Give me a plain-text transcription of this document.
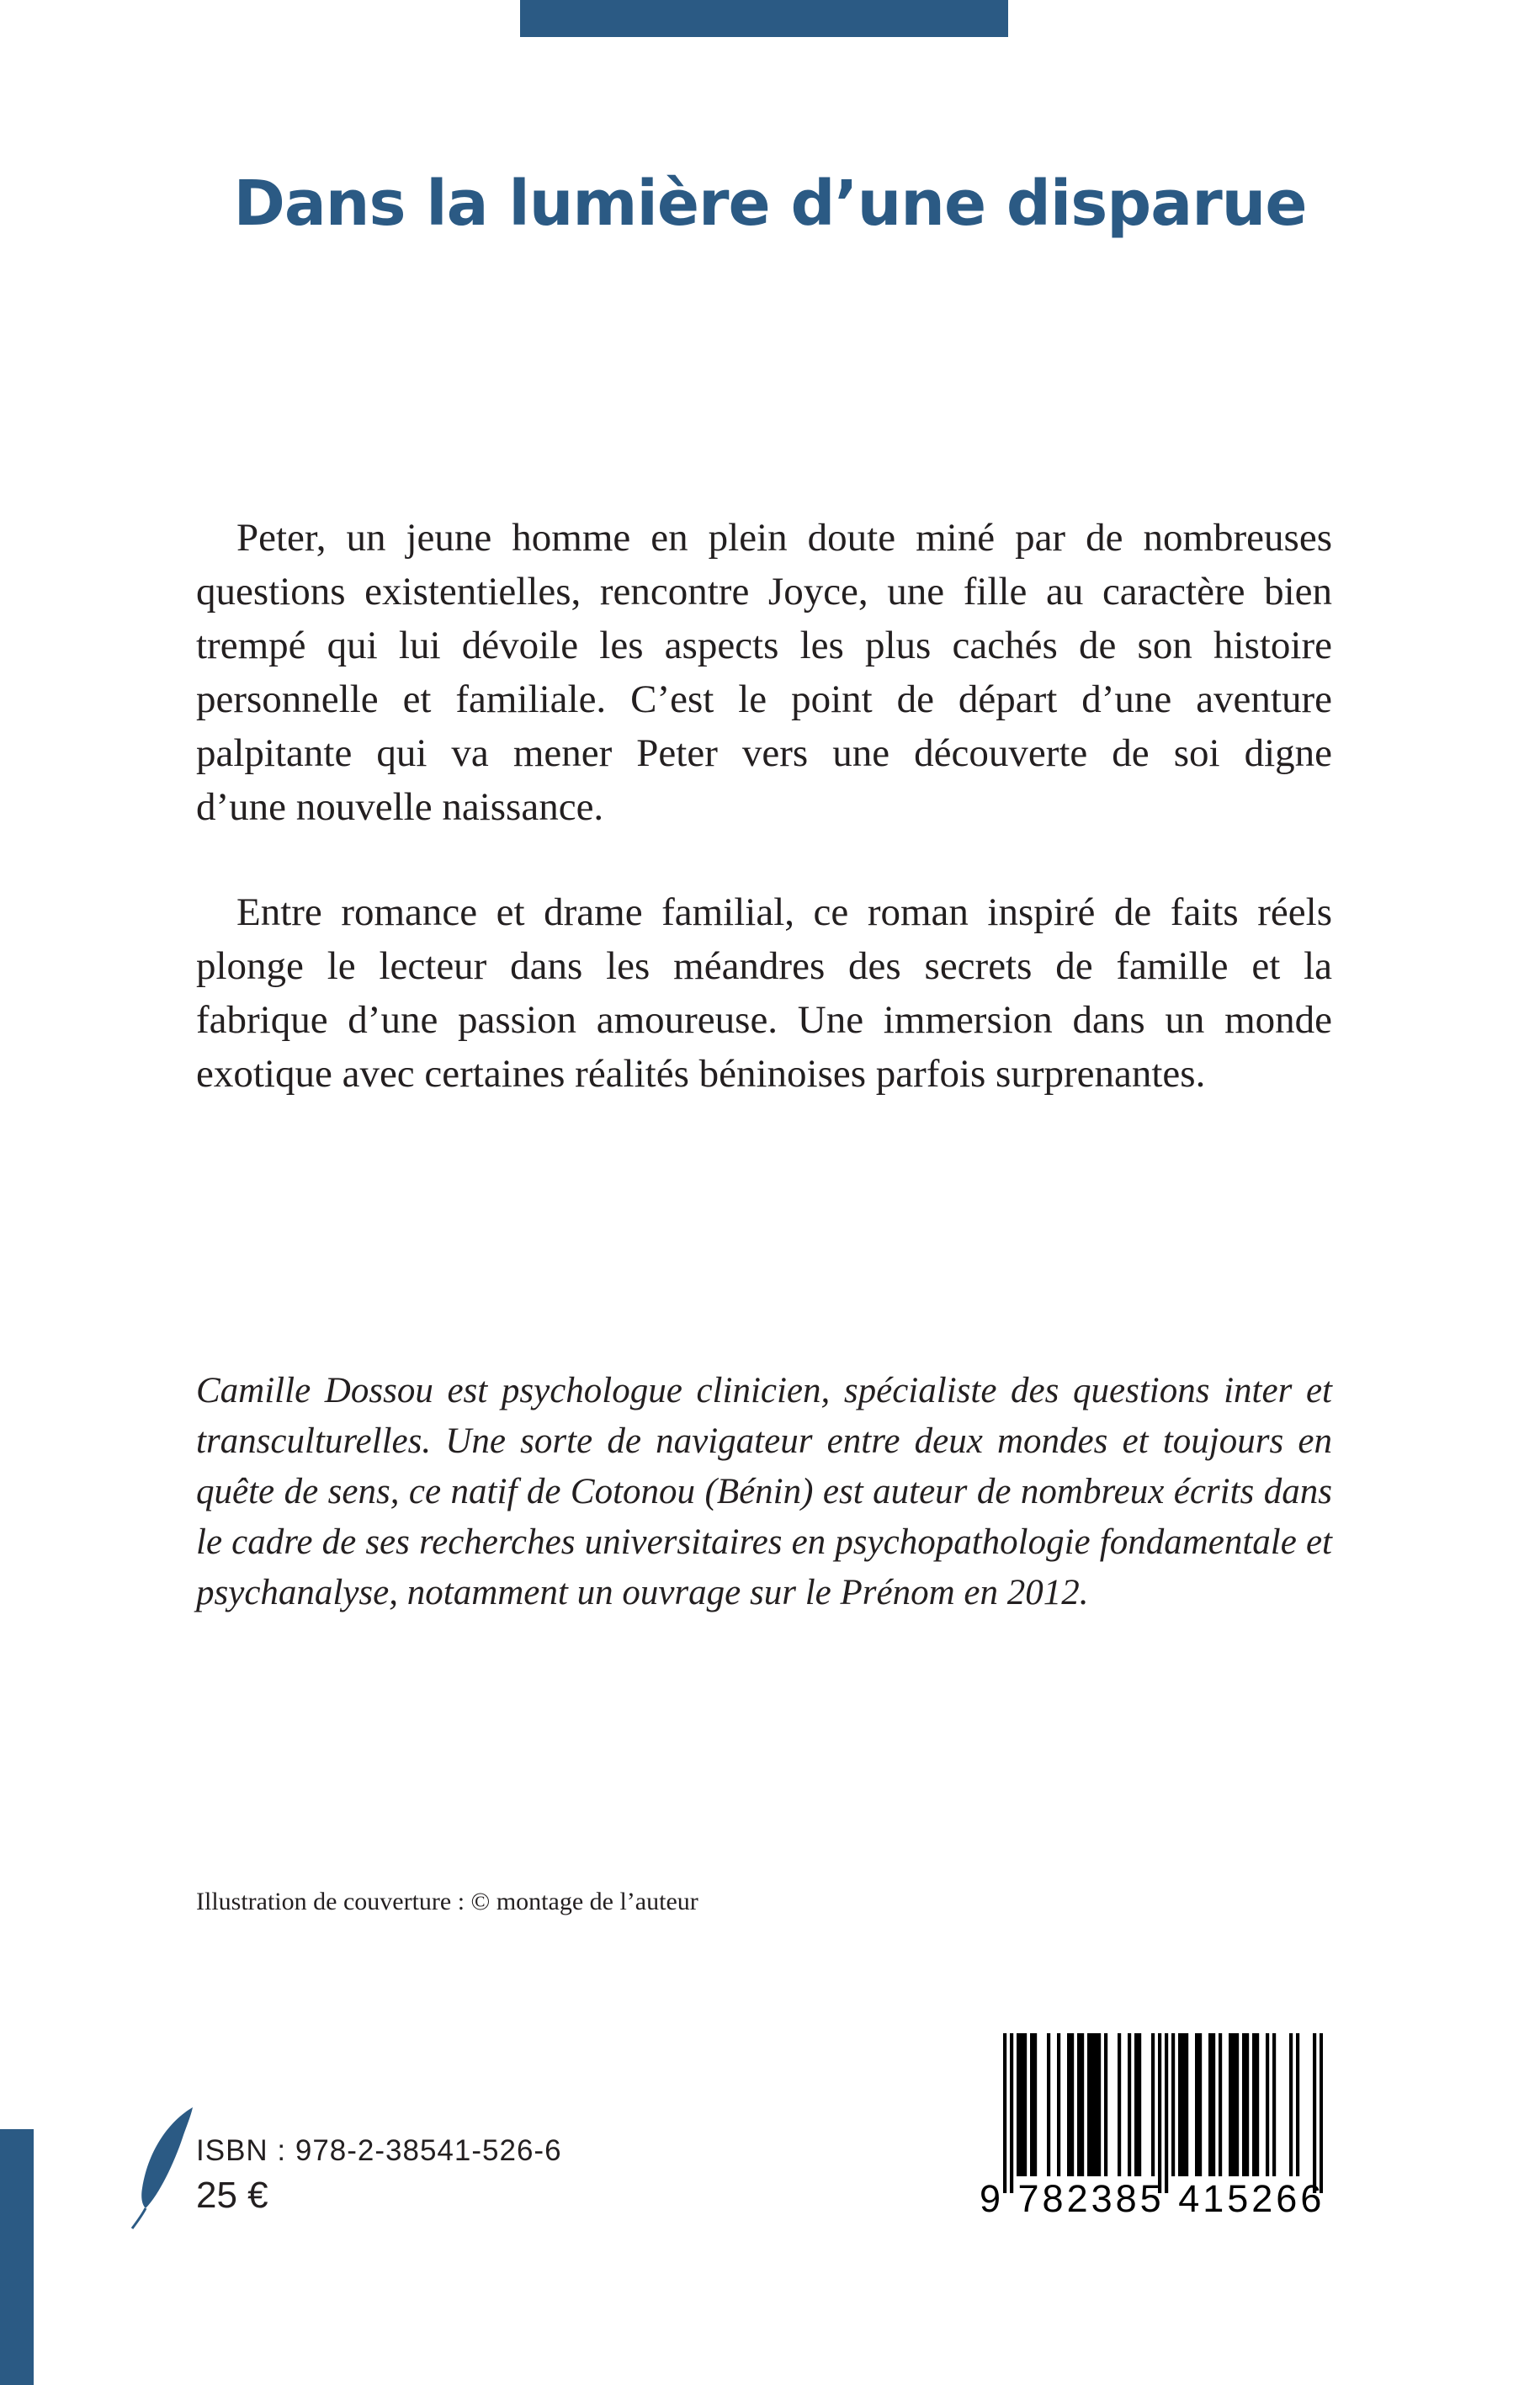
Dans la lumière d’une disparue
Peter, un jeune homme en plein doute miné par de nombreuses
questions existentielles, rencontre Joyce, une fille au caractère bien
trempé qui lui dévoile les aspects les plus cachés de son histoire
personnelle et familiale. C’est le point de départ d’une aventure
palpitante qui va mener Peter vers une découverte de soi digne
d’une nouvelle naissance.
Entre romance et drame familial, ce roman inspiré de faits réels
plonge le lecteur dans les méandres des secrets de famille et la
fabrique d’une passion amoureuse. Une immersion dans un monde
exotique avec certaines réalités béninoises parfois surprenantes.
Camille Dossou est psychologue clinicien, spécialiste des questions inter et
transculturelles. Une sorte de navigateur entre deux mondes et toujours en
quête de sens, ce natif de Cotonou (Bénin) est auteur de nombreux écrits dans
le cadre de ses recherches universitaires en psychopathologie fondamentale et
psychanalyse, notamment un ouvrage sur le Prénom en 2012.

Illustration de couverture : © montage de l’auteur

ISBN : 978-2-38541-526-6

25 €	9 782385 415266
